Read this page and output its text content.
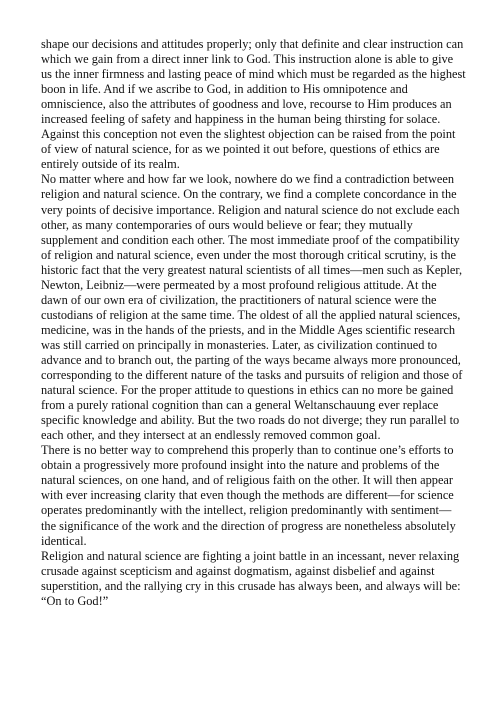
shape our decisions and attitudes properly; only that definite and clear instruction can which we gain from a direct inner link to God. This instruction alone is able to give us the inner firmness and lasting peace of mind which must be regarded as the highest boon in life. And if we ascribe to God, in addition to His omnipotence and omniscience, also the attributes of goodness and love, recourse to Him produces an increased feeling of safety and happiness in the human being thirsting for solace. Against this conception not even the slightest objection can be raised from the point of view of natural science, for as we pointed it out before, questions of ethics are entirely outside of its realm.

No matter where and how far we look, nowhere do we find a contradiction between religion and natural science. On the contrary, we find a complete concordance in the very points of decisive importance. Religion and natural science do not exclude each other, as many contemporaries of ours would believe or fear; they mutually supplement and condition each other. The most immediate proof of the compatibility of religion and natural science, even under the most thorough critical scrutiny, is the historic fact that the very greatest natural scientists of all times—men such as Kepler, Newton, Leibniz—were permeated by a most profound religious attitude. At the dawn of our own era of civilization, the practitioners of natural science were the custodians of religion at the same time. The oldest of all the applied natural sciences, medicine, was in the hands of the priests, and in the Middle Ages scientific research was still carried on principally in monasteries. Later, as civilization continued to advance and to branch out, the parting of the ways became always more pronounced, corresponding to the different nature of the tasks and pursuits of religion and those of natural science. For the proper attitude to questions in ethics can no more be gained from a purely rational cognition than can a general Weltanschauung ever replace specific knowledge and ability. But the two roads do not diverge; they run parallel to each other, and they intersect at an endlessly removed common goal.

There is no better way to comprehend this properly than to continue one’s efforts to obtain a progressively more profound insight into the nature and problems of the natural sciences, on one hand, and of religious faith on the other. It will then appear with ever increasing clarity that even though the methods are different—for science operates predominantly with the intellect, religion predominantly with sentiment—the significance of the work and the direction of progress are nonetheless absolutely identical.

Religion and natural science are fighting a joint battle in an incessant, never relaxing crusade against scepticism and against dogmatism, against disbelief and against superstition, and the rallying cry in this crusade has always been, and always will be: “On to God!”
